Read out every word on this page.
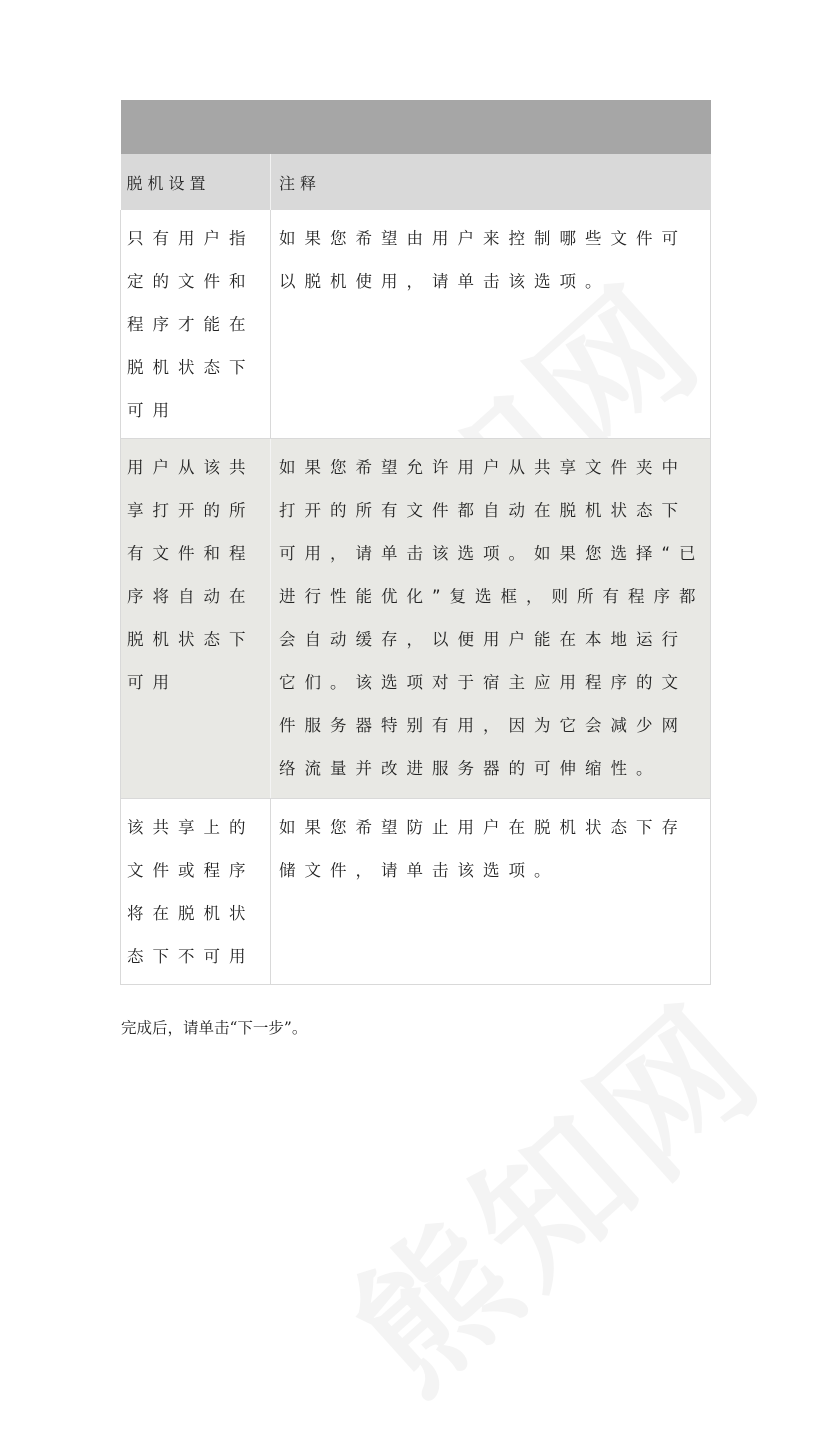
脱机设置	注释
只有用户指定的文件和程序才能在脱机状态下可用	如果您希望由用户来控制哪些文件可以脱机使用，请单击该选项。
用户从该共享打开的所有文件和程序将自动在脱机状态下可用	如果您希望允许用户从共享文件夹中打开的所有文件都自动在脱机状态下可用，请单击该选项。如果您选择“已进行性能优化”复选框，则所有程序都会自动缓存，以便用户能在本地运行它们。该选项对于宿主应用程序的文件服务器特别有用，因为它会减少网络流量并改进服务器的可伸缩性。
该共享上的文件或程序将在脱机状态下不可用	如果您希望防止用户在脱机状态下存储文件，请单击该选项。
完成后，请单击“下一步”。
